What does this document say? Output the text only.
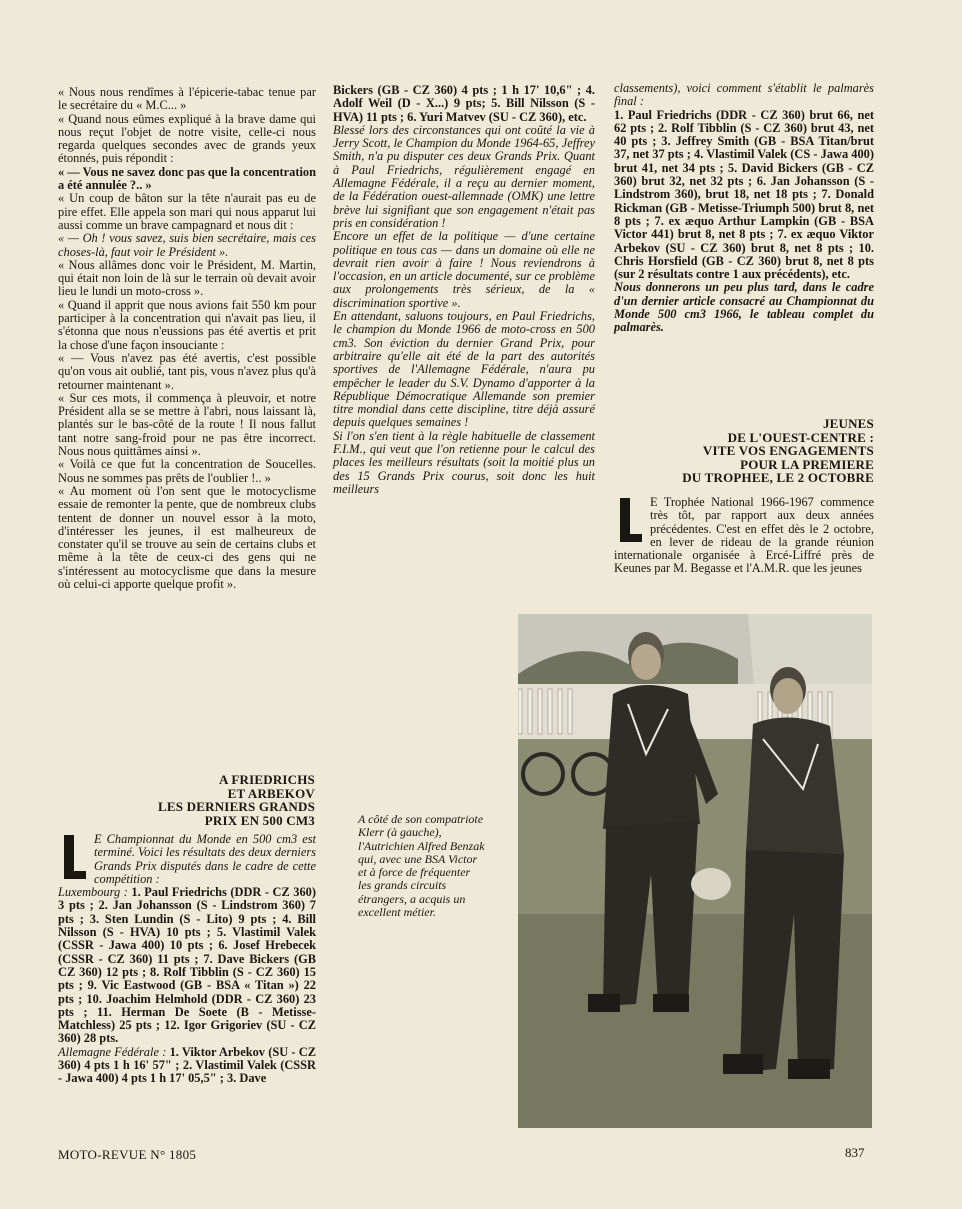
« Nous nous rendîmes à l'épicerie-tabac tenue par le secrétaire du « M.C... »

« Quand nous eûmes expliqué à la brave dame qui nous reçut l'objet de notre visite, celle-ci nous regarda quelques secondes avec de grands yeux étonnés, puis répondit :

« — Vous ne savez donc pas que la concentration a été annulée ?.. »

« Un coup de bâton sur la tête n'aurait pas eu de pire effet. Elle appela son mari qui nous apparut lui aussi comme un brave campagnard et nous dit :

« — Oh ! vous savez, suis bien secrétaire, mais ces choses-là, faut voir le Président ».

« Nous allâmes donc voir le Président, M. Martin, qui était non loin de là sur le terrain où devait avoir lieu le lundi un moto-cross ».

« Quand il apprit que nous avions fait 550 km pour participer à la concentration qui n'avait pas lieu, il s'étonna que nous n'eussions pas été avertis et prit la chose d'une façon insouciante :

« — Vous n'avez pas été avertis, c'est possible qu'on vous ait oublié, tant pis, vous n'avez plus qu'à retourner maintenant ».

« Sur ces mots, il commença à pleuvoir, et notre Président alla se se mettre à l'abri, nous laissant là, plantés sur le bas-côté de la route ! Il nous fallut tant notre sang-froid pour ne pas être incorrect. Nous nous quittâmes ainsi ».

« Voilà ce que fut la concentration de Soucelles. Nous ne sommes pas prêts de l'oublier !.. »

« Au moment où l'on sent que le motocyclisme essaie de remonter la pente, que de nombreux clubs tentent de donner un nouvel essor à la moto, d'intéresser les jeunes, il est malheureux de constater qu'il se trouve au sein de certains clubs et même à la tête de ceux-ci des gens qui ne s'intéressent au motocyclisme que dans la mesure où celui-ci apporte quelque profit ».

A FRIEDRICHS
ET ARBEKOV
LES DERNIERS GRANDS
PRIX EN 500 CM3

E Championnat du Monde en 500 cm3 est terminé. Voici les résultats des deux derniers Grands Prix disputés dans le cadre de cette compétition :

Luxembourg : 1. Paul Friedrichs (DDR - CZ 360) 3 pts ; 2. Jan Johansson (S - Lindstrom 360) 7 pts ; 3. Sten Lundin (S - Lito) 9 pts ; 4. Bill Nilsson (S - HVA) 10 pts ; 5. Vlastimil Valek (CSSR - Jawa 400) 10 pts ; 6. Josef Hrebecek (CSSR - CZ 360) 11 pts ; 7. Dave Bickers (GB CZ 360) 12 pts ; 8. Rolf Tibblin (S - CZ 360) 15 pts ; 9. Vic Eastwood (GB - BSA « Titan ») 22 pts ; 10. Joachim Helmhold (DDR - CZ 360) 23 pts ; 11. Herman De Soete (B - Metisse-Matchless) 25 pts ; 12. Igor Grigoriev (SU - CZ 360) 28 pts.

Allemagne Fédérale : 1. Viktor Arbekov (SU - CZ 360) 4 pts 1 h 16' 57" ; 2. Vlastimil Valek (CSSR - Jawa 400) 4 pts 1 h 17' 05,5" ; 3. Dave

Bickers (GB - CZ 360) 4 pts ; 1 h 17' 10,6" ; 4. Adolf Weil (D - X...) 9 pts; 5. Bill Nilsson (S - HVA) 11 pts ; 6. Yuri Matvev (SU - CZ 360), etc.

Blessé lors des circonstances qui ont coûté la vie à Jerry Scott, le Champion du Monde 1964-65, Jeffrey Smith, n'a pu disputer ces deux Grands Prix. Quant à Paul Friedrichs, régulièrement engagé en Allemagne Fédérale, il a reçu au dernier moment, de la Fédération ouest-allemnade (OMK) une lettre brève lui signifiant que son engagement n'était pas pris en considération !

Encore un effet de la politique — d'une certaine politique en tous cas — dans un domaine où elle ne devrait rien avoir à faire ! Nous reviendrons à l'occasion, en un article documenté, sur ce problème aux prolongements très sérieux, de la « discrimination sportive ».

En attendant, saluons toujours, en Paul Friedrichs, le champion du Monde 1966 de moto-cross en 500 cm3. Son éviction du dernier Grand Prix, pour arbitraire qu'elle ait été de la part des autorités sportives de l'Allemagne Fédérale, n'aura pu empêcher le leader du S.V. Dynamo d'apporter à la République Démocratique Allemande son premier titre mondial dans cette discipline, titre déjà assuré depuis quelques semaines !

Si l'on s'en tient à la règle habituelle de classement F.I.M., qui veut que l'on retienne pour le calcul des places les meilleurs résultats (soit la moitié plus un des 15 Grands Prix courus, soit donc les huit meilleurs

classements), voici comment s'établit le palmarès final :

1. Paul Friedrichs (DDR - CZ 360) brut 66, net 62 pts ; 2. Rolf Tibblin (S - CZ 360) brut 43, net 40 pts ; 3. Jeffrey Smith (GB - BSA Titan/brut 37, net 37 pts ; 4. Vlastimil Valek (CS - Jawa 400) brut 41, net 34 pts ; 5. David Bickers (GB - CZ 360) brut 32, net 32 pts ; 6. Jan Johansson (S - Lindstrom 360), brut 18, net 18 pts ; 7. Donald Rickman (GB - Metisse-Triumph 500) brut 8, net 8 pts ; 7. ex æquo Arthur Lampkin (GB - BSA Victor 441) brut 8, net 8 pts ; 7. ex æquo Viktor Arbekov (SU - CZ 360) brut 8, net 8 pts ; 10. Chris Horsfield (GB - CZ 360) brut 8, net 8 pts (sur 2 résultats contre 1 aux précédents), etc.

Nous donnerons un peu plus tard, dans le cadre d'un dernier article consacré au Championnat du Monde 500 cm3 1966, le tableau complet du palmarès.

JEUNES
DE L'OUEST-CENTRE :
VITE VOS ENGAGEMENTS
POUR LA PREMIERE
DU TROPHEE, LE 2 OCTOBRE

E Trophée National 1966-1967 commence très tôt, par rapport aux deux années précédentes. C'est en effet dès le 2 octobre, en lever de rideau de la grande réunion internationale organisée à Ercé-Liffré près de Keunes par M. Begasse et l'A.M.R. que les jeunes

A côté de son compatriote Klerr (à gauche), l'Autrichien Alfred Benzak qui, avec une BSA Victor et à force de fréquenter les grands circuits étrangers, a acquis un excellent métier.
MOTO-REVUE N° 1805	837
